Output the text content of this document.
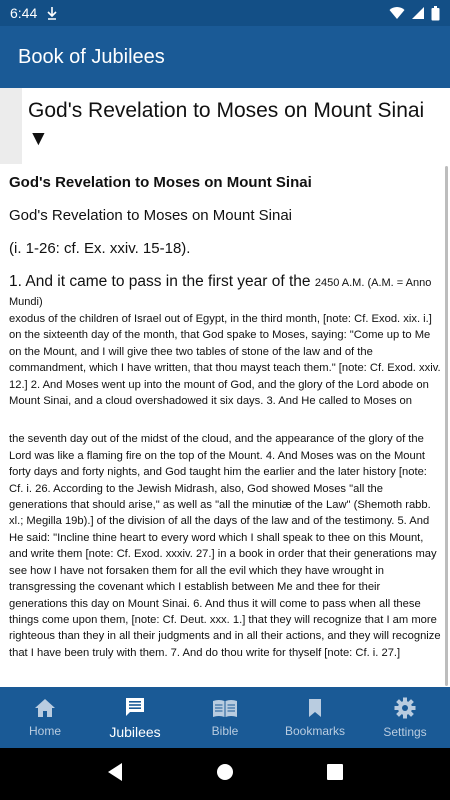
6:44
Book of Jubilees
God's Revelation to Moses on Mount Sinai ▼
God's Revelation to Moses on Mount Sinai
God's Revelation to Moses on Mount Sinai
(i. 1-26: cf. Ex. xxiv. 15-18).
1. And it came to pass in the first year of the 2450 A.M. (A.M. = Anno Mundi)

exodus of the children of Israel out of Egypt, in the third month, [note: Cf. Exod. xix. i.] on the sixteenth day of the month, that God spake to Moses, saying: "Come up to Me on the Mount, and I will give thee two tables of stone of the law and of the commandment, which I have written, that thou mayst teach them." [note: Cf. Exod. xxiv. 12.] 2. And Moses went up into the mount of God, and the glory of the Lord abode on Mount Sinai, and a cloud overshadowed it six days. 3. And He called to Moses on

the seventh day out of the midst of the cloud, and the appearance of the glory of the Lord was like a flaming fire on the top of the Mount. 4. And Moses was on the Mount forty days and forty nights, and God taught him the earlier and the later history [note: Cf. i. 26. According to the Jewish Midrash, also, God showed Moses "all the generations that should arise," as well as "all the minutiæ of the Law" (Shemoth rabb. xl.; Megilla 19b).] of the division of all the days of the law and of the testimony. 5. And He said: "Incline thine heart to every word which I shall speak to thee on this Mount, and write them [note: Cf. Exod. xxxiv. 27.] in a book in order that their generations may see how I have not forsaken them for all the evil which they have wrought in transgressing the covenant which I establish between Me and thee for their generations this day on Mount Sinai. 6. And thus it will come to pass when all these things come upon them, [note: Cf. Deut. xxx. 1.] that they will recognize that I am more righteous than they in all their judgments and in all their actions, and they will recognize that I have been truly with them. 7. And do thou write for thyself [note: Cf. i. 27.]

Home	Jubilees	Bible	Bookmarks	Settings
